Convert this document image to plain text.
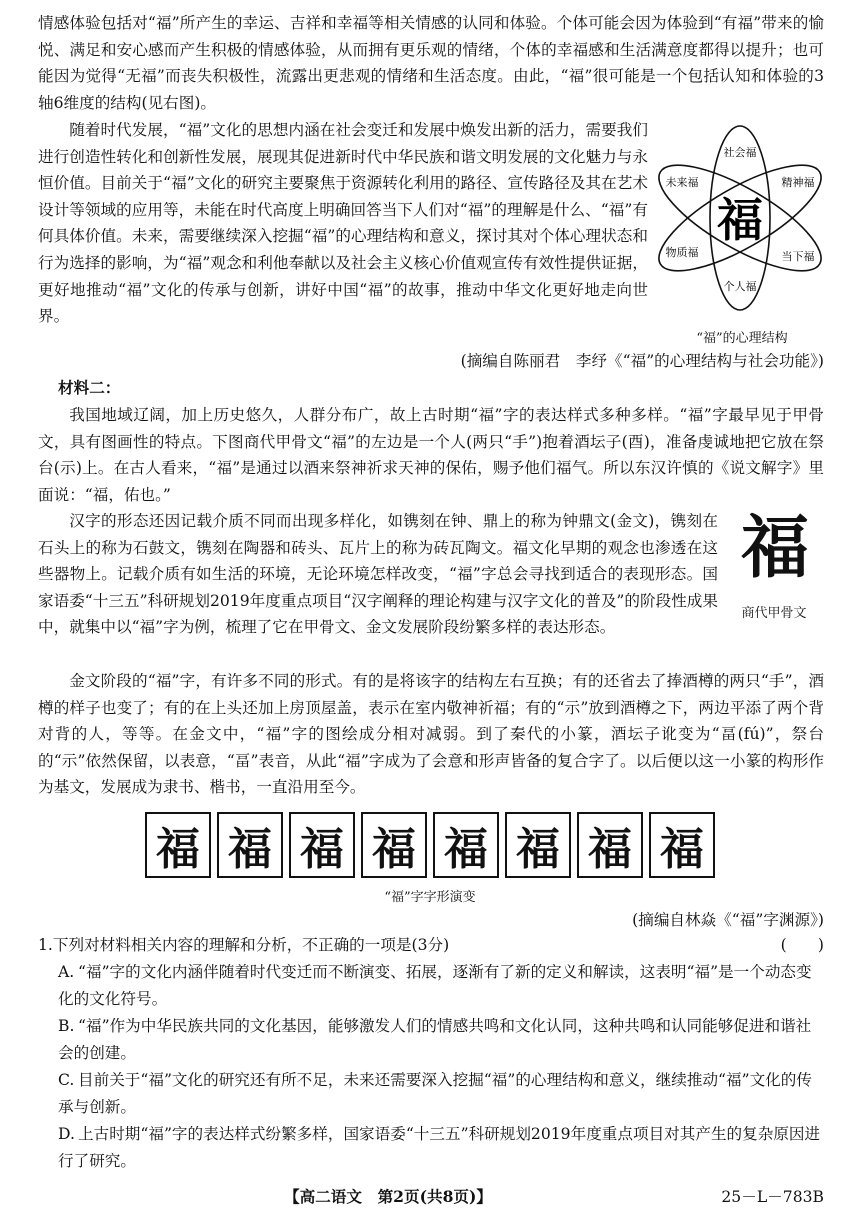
情感体验包括对“福”所产生的幸运、吉祥和幸福等相关情感的认同和体验。个体可能会因为体验到“有福”带来的愉悦、满足和安心感而产生积极的情感体验，从而拥有更乐观的情绪，个体的幸福感和生活满意度都得以提升；也可能因为觉得“无福”而丧失积极性，流露出更悲观的情绪和生活态度。由此，“福”很可能是一个包括认知和体验的3轴6维度的结构(见右图)。

随着时代发展，“福”文化的思想内涵在社会变迁和发展中焕发出新的活力，需要我们进行创造性转化和创新性发展，展现其促进新时代中华民族和谐文明发展的文化魅力与永恒价值。目前关于“福”文化的研究主要聚焦于资源转化利用的路径、宣传路径及其在艺术设计等领域的应用等，未能在时代高度上明确回答当下人们对“福”的理解是什么、“福”有何具体价值。未来，需要继续深入挖掘“福”的心理结构和意义，探讨其对个体心理状态和行为选择的影响，为“福”观念和利他奉献以及社会主义核心价值观宣传有效性提供证据，更好地推动“福”文化的传承与创新，讲好中国“福”的故事，推动中华文化更好地走向世界。

福
社会福
精神福
当下福
个人福
物质福
未来福
“福”的心理结构
(摘编自陈丽君　李纾《“福”的心理结构与社会功能》)
材料二：

我国地域辽阔，加上历史悠久，人群分布广，故上古时期“福”字的表达样式多种多样。“福”字最早见于甲骨文，具有图画性的特点。下图商代甲骨文“福”的左边是一个人(两只“手”)抱着酒坛子(酉)，准备虔诚地把它放在祭台(示)上。在古人看来，“福”是通过以酒来祭神祈求天神的保佑，赐予他们福气。所以东汉许慎的《说文解字》里面说：“福，佑也。”

汉字的形态还因记载介质不同而出现多样化，如镌刻在钟、鼎上的称为钟鼎文(金文)，镌刻在石头上的称为石鼓文，镌刻在陶器和砖头、瓦片上的称为砖瓦陶文。福文化早期的观念也渗透在这些器物上。记载介质有如生活的环境，无论环境怎样改变，“福”字总会寻找到适合的表现形态。国家语委“十三五”科研规划2019年度重点项目“汉字阐释的理论构建与汉字文化的普及”的阶段性成果中，就集中以“福”字为例，梳理了它在甲骨文、金文发展阶段纷繁多样的表达形态。

福
商代甲骨文

金文阶段的“福”字，有许多不同的形式。有的是将该字的结构左右互换；有的还省去了捧酒樽的两只“手”，酒樽的样子也变了；有的在上头还加上房顶屋盖，表示在室内敬神祈福；有的“示”放到酒樽之下，两边平添了两个背对背的人，等等。在金文中，“福”字的图绘成分相对减弱。到了秦代的小篆，酒坛子讹变为“畐(fú)”，祭台的“示”依然保留，以表意，“畐”表音，从此“福”字成为了会意和形声皆备的复合字了。以后便以这一小篆的构形作为基文，发展成为隶书、楷书，一直沿用至今。

福 福 福 福 福 福 福 福
“福”字字形演变
(摘编自林焱《“福”字渊源》)

1.下列对材料相关内容的理解和分析，不正确的一项是(3分)	(　　)

A. “福”字的文化内涵伴随着时代变迁而不断演变、拓展，逐渐有了新的定义和解读，这表明“福”是一个动态变化的文化符号。

B. “福”作为中华民族共同的文化基因，能够激发人们的情感共鸣和文化认同，这种共鸣和认同能够促进和谐社会的创建。

C. 目前关于“福”文化的研究还有所不足，未来还需要深入挖掘“福”的心理结构和意义，继续推动“福”文化的传承与创新。

D. 上古时期“福”字的表达样式纷繁多样，国家语委“十三五”科研规划2019年度重点项目对其产生的复杂原因进行了研究。

【高二语文　第2页(共8页)】	25－L－783B
